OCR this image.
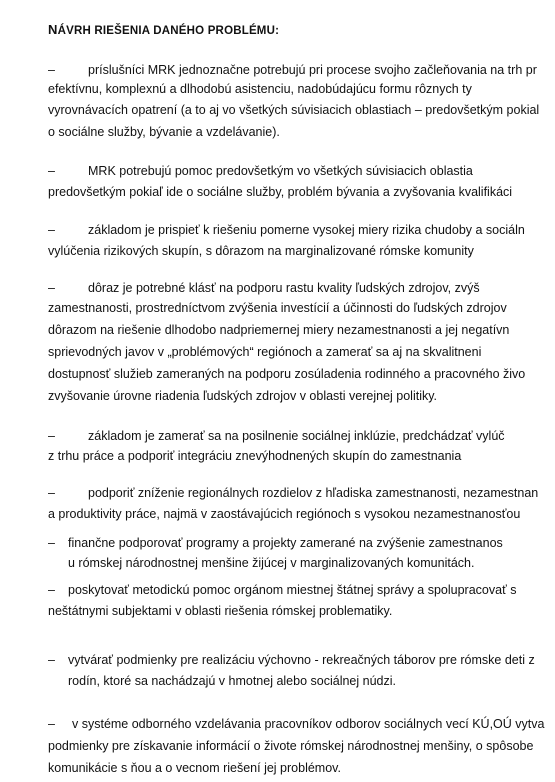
NÁVRH RIEŠENIA DANÉHO PROBLÉMU:
–	príslušníci MRK jednoznačne potrebujú pri procese svojho začleňovania na trh pr

efektívnu, komplexnú a dlhodobú asistenciu, nadobúdajúcu formu rôznych ty

vyrovnávacích opatrení (a to aj vo všetkých súvisiacich oblastiach – predovšetkým pokial

o sociálne služby, bývanie a vzdelávanie).

–	MRK potrebujú pomoc predovšetkým vo všetkých súvisiacich oblastia

predovšetkým pokiaľ ide o sociálne služby, problém bývania a zvyšovania kvalifikáci

–	základom je prispieť k riešeniu pomerne vysokej miery rizika chudoby a sociáln

vylúčenia rizikových skupín, s dôrazom na marginalizované rómske komunity

–	dôraz je potrebné klásť na podporu rastu kvality ľudských zdrojov, zvýš

zamestnanosti, prostredníctvom zvýšenia investícií a účinnosti do ľudských zdrojov

dôrazom na riešenie dlhodobo nadpriemernej miery nezamestnanosti a jej negatívn

sprievodných javov v „problémových“ regiónoch a zamerať sa aj na skvalitneni

dostupnosť služieb zameraných na podporu zosúladenia rodinného a pracovného živo

zvyšovanie úrovne riadenia ľudských zdrojov v oblasti verejnej politiky.

–	základom je zamerať sa na posilnenie sociálnej inklúzie, predchádzať vylúč

z trhu práce a podporiť integráciu znevýhodnených skupín do zamestnania

–	podporiť zníženie regionálnych rozdielov z hľadiska zamestnanosti, nezamestnan

a produktivity práce, najmä v zaostávajúcich regiónoch s vysokou nezamestnanosťou

– finančne podporovať programy a projekty zamerané na zvýšenie zamestnanos

u rómskej národnostnej menšine žijúcej v marginalizovaných komunitách.

– poskytovať metodickú pomoc orgánom miestnej štátnej správy a spolupracovať s

neštátnymi subjektami v oblasti riešenia rómskej problematiky.

– vytvárať podmienky pre realizáciu výchovno - rekreačných táborov pre rómske deti z

rodín, ktoré sa nachádzajú v hmotnej alebo sociálnej núdzi.

– v systéme odborného vzdelávania pracovníkov odborov sociálnych vecí KÚ,OÚ vytva

podmienky pre získavanie informácií o živote rómskej národnostnej menšiny, o spôsobe

komunikácie s ňou a o vecnom riešení jej problémov.
